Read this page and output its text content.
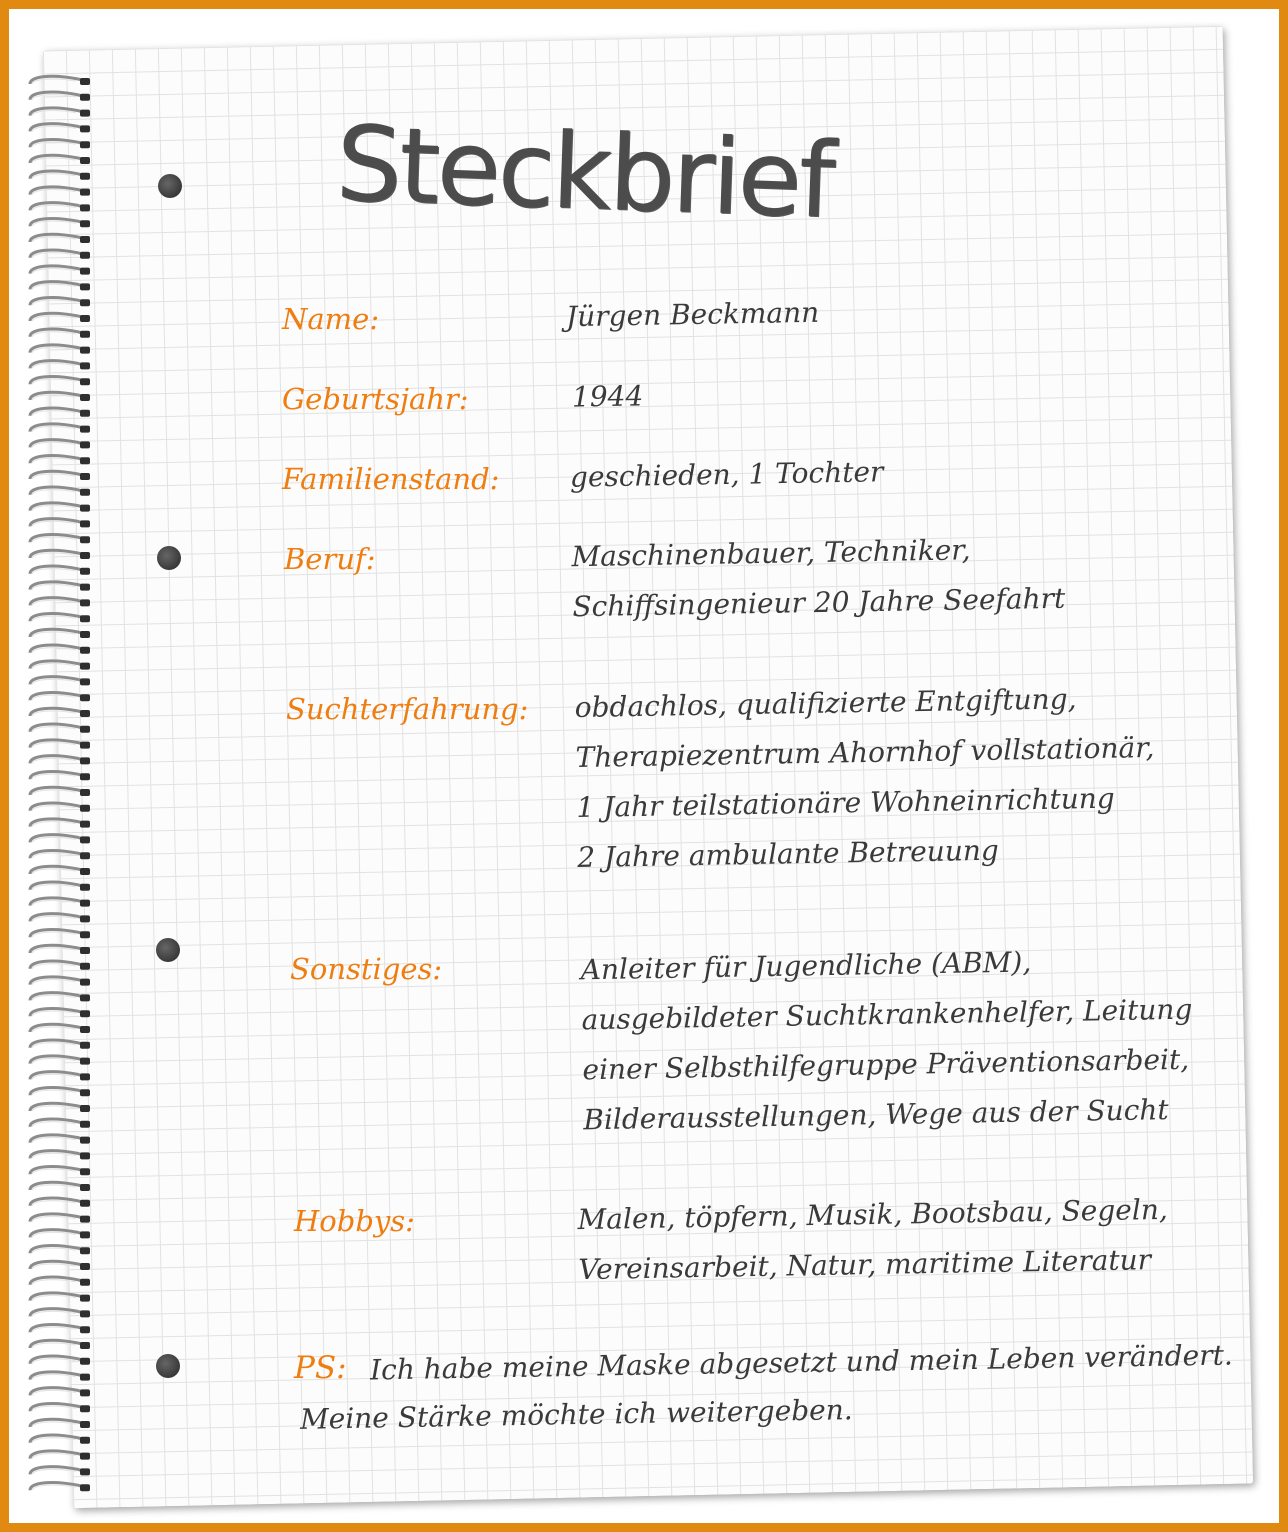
Steckbrief
Name:	Jürgen Beckmann
Geburtsjahr:	1944
Familienstand:	geschieden, 1 Tochter
Beruf:	Maschinenbauer, Techniker,
Schiffsingenieur 20 Jahre Seefahrt
Suchterfahrung: obdachlos, qualifizierte Entgiftung,
Therapiezentrum Ahornhof vollstationär,
1 Jahr teilstationäre Wohneinrichtung
2 Jahre ambulante Betreuung
Sonstiges:	Anleiter für Jugendliche (ABM),
ausgebildeter Suchtkrankenhelfer, Leitung
einer Selbsthilfegruppe Präventionsarbeit,
Bilderausstellungen, Wege aus der Sucht
Hobbys:	Malen, töpfern, Musik, Bootsbau, Segeln,
Vereinsarbeit, Natur, maritime Literatur
PS: Ich habe meine Maske abgesetzt und mein Leben verändert.
Meine Stärke möchte ich weitergeben.
